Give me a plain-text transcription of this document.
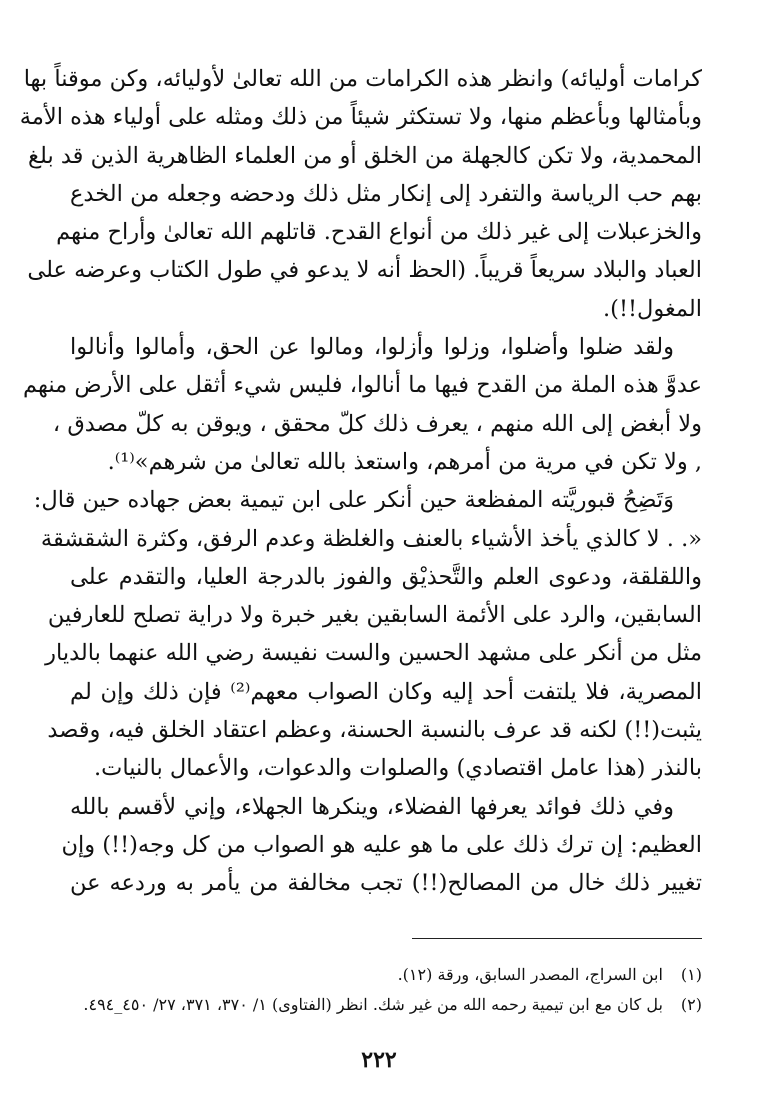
كرامات أوليائه) وانظر هذه الكرامات من الله تعالىٰ لأوليائه، وكن موقناً بها
وبأمثالها وبأعظم منها، ولا تستكثر شيئاً من ذلك ومثله على أولياء هذه الأمة
المحمدية، ولا تكن كالجهلة من الخلق أو من العلماء الظاهرية الذين قد بلغ
بهم حب الرياسة والتفرد إلى إنكار مثل ذلك ودحضه وجعله من الخدع
والخزعبلات إلى غير ذلك من أنواع القدح. قاتلهم الله تعالىٰ وأراح منهم
العباد والبلاد سريعاً قريباً. (الحظ أنه لا يدعو في طول الكتاب وعرضه على
المغول!!).

ولقد ضلوا وأضلوا، وزلوا وأزلوا، ومالوا عن الحق، وأمالوا وأنالوا
عدوَّ هذه الملة من القدح فيها ما أنالوا، فليس شيء أثقل على الأرض منهم
ولا أبغض إلى الله منهم ، يعرف ذلك كلّ محقق ، ويوقن به كلّ مصدق ،
, ولا تكن في مرية من أمرهم، واستعذ بالله تعالىٰ من شرهم»⁽¹⁾.

وَتَضِحُ قبوريَّته المفظعة حين أنكر على ابن تيمية بعض جهاده حين قال:
«. . لا كالذي يأخذ الأشياء بالعنف والغلظة وعدم الرفق، وكثرة الشقشقة
واللقلقة، ودعوى العلم والتَّحذيْق والفوز بالدرجة العليا، والتقدم على
السابقين، والرد على الأئمة السابقين بغير خبرة ولا دراية تصلح للعارفين
مثل من أنكر على مشهد الحسين والست نفيسة رضي الله عنهما بالديار
المصرية، فلا يلتفت أحد إليه وكان الصواب معهم⁽²⁾ فإن ذلك وإن لم
يثبت(!!) لكنه قد عرف بالنسبة الحسنة، وعظم اعتقاد الخلق فيه، وقصد
بالنذر (هذا عامل اقتصادي) والصلوات والدعوات، والأعمال بالنيات.

وفي ذلك فوائد يعرفها الفضلاء، وينكرها الجهلاء، وإني لأقسم بالله
العظيم: إن ترك ذلك على ما هو عليه هو الصواب من كل وجه(!!) وإن
تغيير ذلك خال من المصالح(!!) تجب مخالفة من يأمر به وردعه عن

(١) ابن السراج، المصدر السابق، ورقة (١٢).
(٢) بل كان مع ابن تيمية رحمه الله من غير شك. انظر (الفتاوى) ١/ ٣٧٠، ٣٧١، ٢٧/ ٤٥٠_٤٩٤.
٢٢٢
